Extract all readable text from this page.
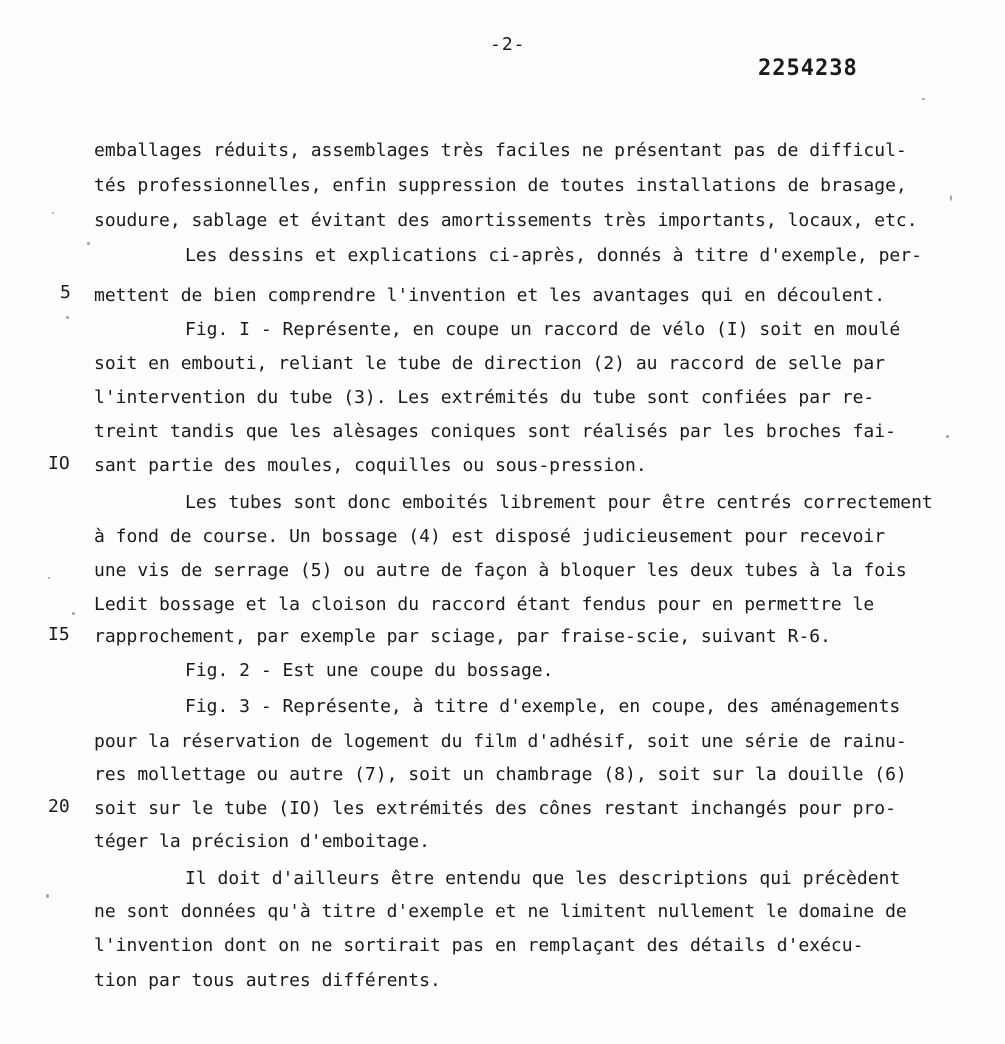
-2-
2254238
emballages réduits, assemblages très faciles ne présentant pas de difficul-
tés professionnelles, enfin suppression de toutes installations de brasage,
soudure, sablage et évitant des amortissements très importants, locaux, etc.
Les dessins et explications ci-après, donnés à titre d'exemple, per-
mettent de bien comprendre l'invention et les avantages qui en découlent.
Fig. I - Représente, en coupe un raccord de vélo (I) soit en moulé
soit en embouti, reliant le tube de direction (2) au raccord de selle par
l'intervention du tube (3). Les extrémités du tube sont confiées par re-
treint tandis que les alèsages coniques sont réalisés par les broches fai-
sant partie des moules, coquilles ou sous-pression.
Les tubes sont donc emboités librement pour être centrés correctement
à fond de course. Un bossage (4) est disposé judicieusement pour recevoir
une vis de serrage (5) ou autre de façon à bloquer les deux tubes à la fois
Ledit bossage et la cloison du raccord étant fendus pour en permettre le
rapprochement, par exemple par sciage, par fraise-scie, suivant R-6.
Fig. 2 - Est une coupe du bossage.
Fig. 3 - Représente, à titre d'exemple, en coupe, des aménagements
pour la réservation de logement du film d'adhésif, soit une série de rainu-
res mollettage ou autre (7), soit un chambrage (8), soit sur la douille (6)
soit sur le tube (IO) les extrémités des cônes restant inchangés pour pro-
téger la précision d'emboitage.
Il doit d'ailleurs être entendu que les descriptions qui précèdent
ne sont données qu'à titre d'exemple et ne limitent nullement le domaine de
l'invention dont on ne sortirait pas en remplaçant des détails d'exécu-
tion par tous autres différents.
5
IO
I5
20
